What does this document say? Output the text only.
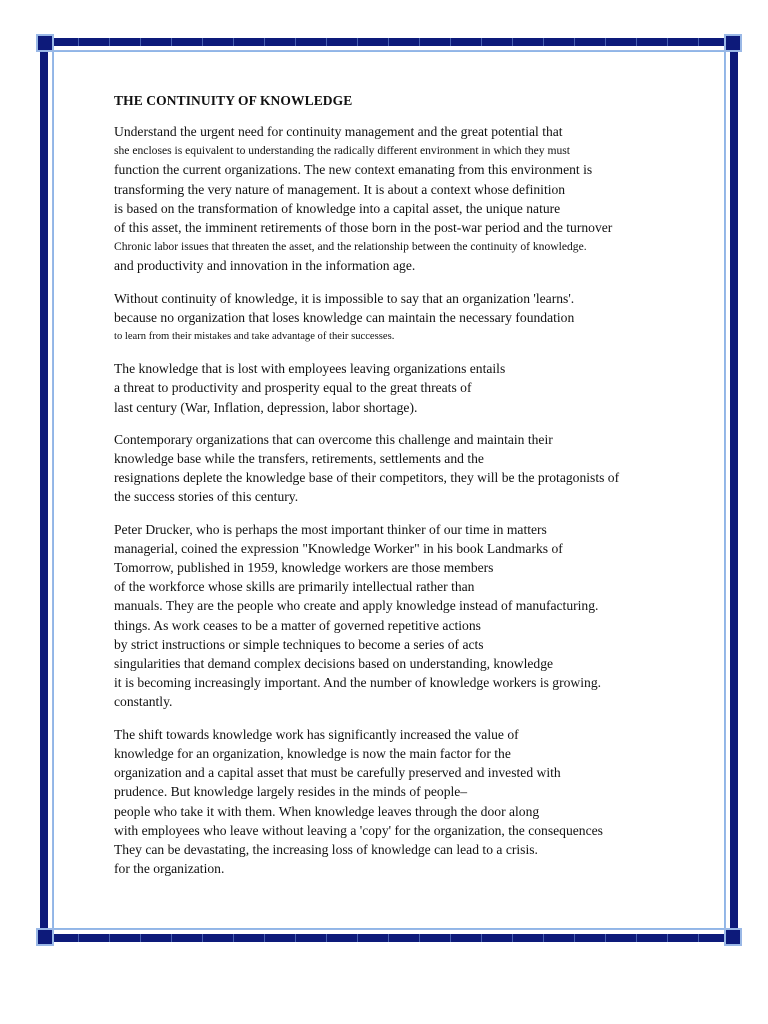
THE CONTINUITY OF KNOWLEDGE
Understand the urgent need for continuity management and the great potential that
she encloses is equivalent to understanding the radically different environment in which they must
function the current organizations. The new context emanating from this environment is
transforming the very nature of management. It is about a context whose definition
is based on the transformation of knowledge into a capital asset, the unique nature
of this asset, the imminent retirements of those born in the post-war period and the turnover
Chronic labor issues that threaten the asset, and the relationship between the continuity of knowledge.
and productivity and innovation in the information age.
Without continuity of knowledge, it is impossible to say that an organization 'learns'.
because no organization that loses knowledge can maintain the necessary foundation
to learn from their mistakes and take advantage of their successes.
The knowledge that is lost with employees leaving organizations entails
a threat to productivity and prosperity equal to the great threats of
last century (War, Inflation, depression, labor shortage).
Contemporary organizations that can overcome this challenge and maintain their
knowledge base while the transfers, retirements, settlements and the
resignations deplete the knowledge base of their competitors, they will be the protagonists of
the success stories of this century.
Peter Drucker, who is perhaps the most important thinker of our time in matters
managerial, coined the expression "Knowledge Worker" in his book Landmarks of
Tomorrow, published in 1959, knowledge workers are those members
of the workforce whose skills are primarily intellectual rather than
manuals. They are the people who create and apply knowledge instead of manufacturing.
things. As work ceases to be a matter of governed repetitive actions
by strict instructions or simple techniques to become a series of acts
singularities that demand complex decisions based on understanding, knowledge
it is becoming increasingly important. And the number of knowledge workers is growing.
constantly.
The shift towards knowledge work has significantly increased the value of
knowledge for an organization, knowledge is now the main factor for the
organization and a capital asset that must be carefully preserved and invested with
prudence. But knowledge largely resides in the minds of people–
people who take it with them. When knowledge leaves through the door along
with employees who leave without leaving a 'copy' for the organization, the consequences
They can be devastating, the increasing loss of knowledge can lead to a crisis.
for the organization.
